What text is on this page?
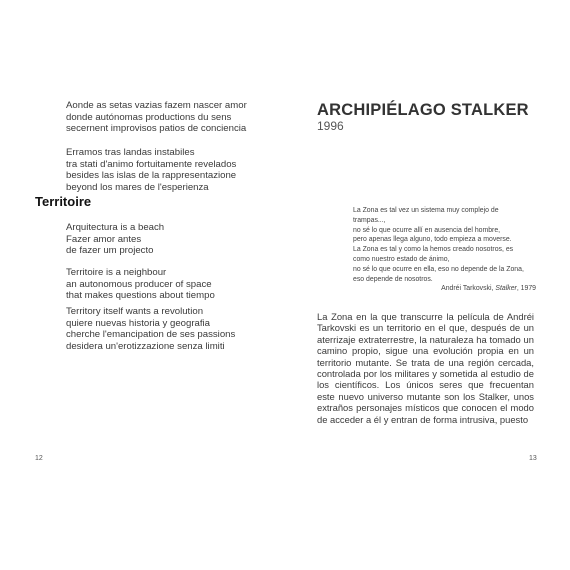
Aonde as setas vazias fazem nascer amor
donde autónomas productions du sens
secernent improvisos patios de conciencia
Erramos tras landas instabiles
tra stati d'animo fortuitamente revelados
besides las islas de la rappresentazione
beyond los mares de l'esperienza
Territoire
Arquitectura is a beach
Fazer amor antes
de fazer um projecto
Territoire is a neighbour
an autonomous producer of space
that makes questions about tiempo
Territory itself wants a revolution
quiere nuevas historia y geografia
cherche l'emancipation de ses passions
desidera un'erotizzazione senza limiti
12
ARCHIPIÉLAGO STALKER
1996
La Zona es tal vez un sistema muy complejo de
trampas...,
no sé lo que ocurre allí en ausencia del hombre,
pero apenas llega alguno, todo empieza a moverse.
La Zona es tal y como la hemos creado nosotros, es
como nuestro estado de ánimo,
no sé lo que ocurre en ella, eso no depende de la Zona,
eso depende de nosotros.
Andréi Tarkovski, Stalker, 1979
La Zona en la que transcurre la película de Andréi Tarkovski es un territorio en el que, después de un aterrizaje extraterrestre, la naturaleza ha tomado un camino propio, sigue una evolución propia en un territorio mutante. Se trata de una región cercada, controlada por los militares y sometida al estudio de los científicos. Los únicos seres que frecuentan este nuevo universo mutante son los Stalker, unos extraños personajes místicos que conocen el modo de acceder a él y entran de forma intrusiva, puesto
13
